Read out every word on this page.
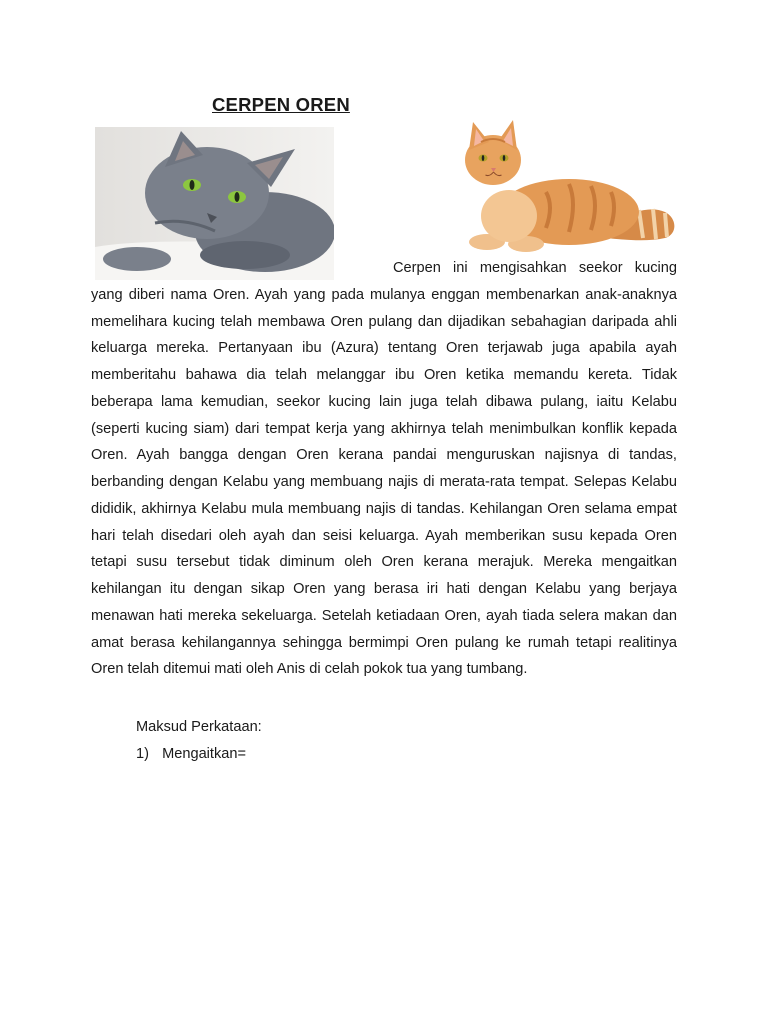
CERPEN OREN

Cerpen ini mengisahkan seekor kucing yang diberi nama Oren. Ayah yang pada mulanya enggan membenarkan anak-anaknya memelihara kucing telah membawa Oren pulang dan dijadikan sebahagian daripada ahli keluarga mereka. Pertanyaan ibu (Azura) tentang Oren terjawab juga apabila ayah memberitahu bahawa dia telah melanggar ibu Oren ketika memandu kereta. Tidak beberapa lama kemudian, seekor kucing lain juga telah dibawa pulang, iaitu Kelabu (seperti kucing siam) dari tempat kerja yang akhirnya telah menimbulkan konflik kepada Oren. Ayah bangga dengan Oren kerana pandai menguruskan najisnya di tandas, berbanding dengan Kelabu yang membuang najis di merata-rata tempat. Selepas Kelabu dididik, akhirnya Kelabu mula membuang najis di tandas. Kehilangan Oren selama empat hari telah disedari oleh ayah dan seisi keluarga. Ayah memberikan susu kepada Oren tetapi susu tersebut tidak diminum oleh Oren kerana merajuk. Mereka mengaitkan kehilangan itu dengan sikap Oren yang berasa iri hati dengan Kelabu yang berjaya menawan hati mereka sekeluarga. Setelah ketiadaan Oren, ayah tiada selera makan dan amat berasa kehilangannya sehingga bermimpi Oren pulang ke rumah tetapi realitinya Oren telah ditemui mati oleh Anis di celah pokok tua yang tumbang.

Maksud Perkataan:
1) Mengaitkan=
